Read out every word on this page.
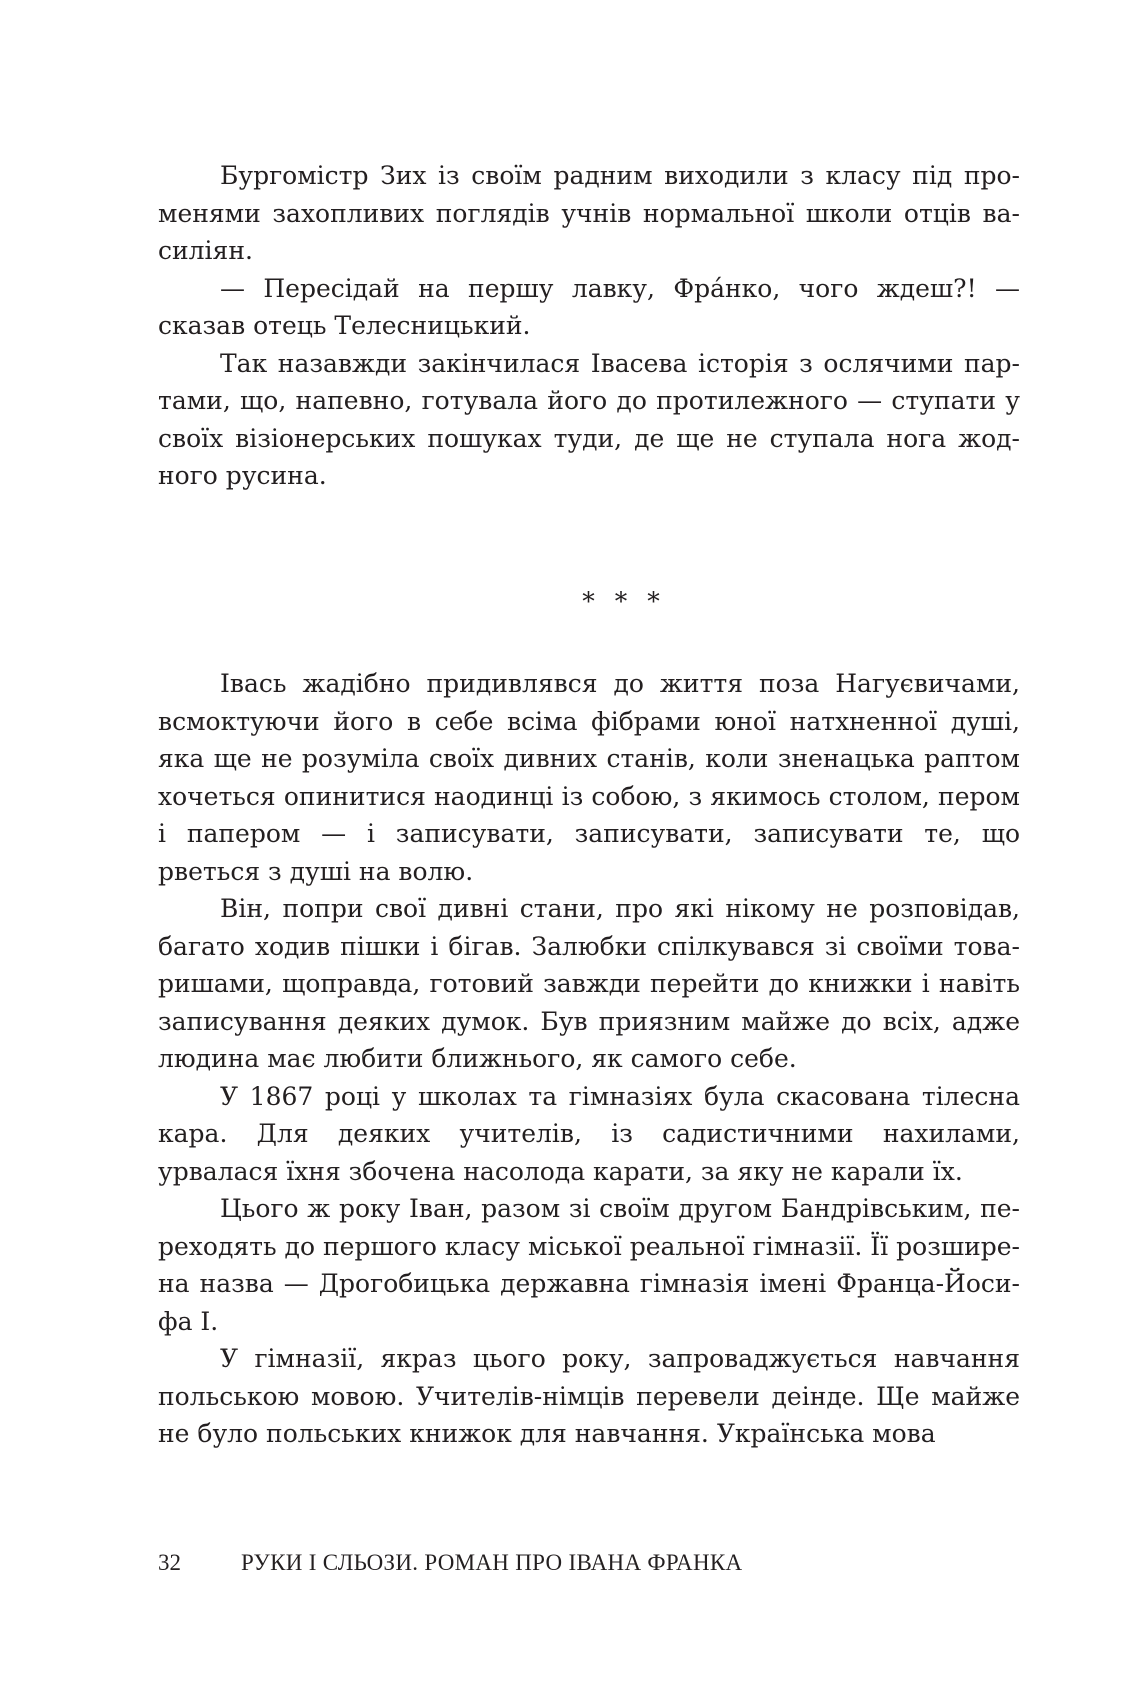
Бургомістр Зих із своїм радним виходили з класу під променями захопливих поглядів учнів нормальної школи отців василіян.

— Пересідай на першу лавку, Фра́нко, чого ждеш?! — сказав отець Телесницький.

Так назавжди закінчилася Івасева історія з ослячими партами, що, напевно, готувала його до протилежного — ступати у своїх візіонерських пошуках туди, де ще не ступала нога жодного русина.

* * *

Івась жадібно придивлявся до життя поза Нагуєвичами, всмоктуючи його в себе всіма фібрами юної натхненної душі, яка ще не розуміла своїх дивних станів, коли зненацька раптом хочеться опинитися наодинці із собою, з якимось столом, пером і папером — і записувати, записувати, записувати те, що рветься з душі на волю.

Він, попри свої дивні стани, про які нікому не розповідав, багато ходив пішки і бігав. Залюбки спілкувався зі своїми товаришами, щоправда, готовий завжди перейти до книжки і навіть записування деяких думок. Був приязним майже до всіх, адже людина має любити ближнього, як самого себе.

У 1867 році у школах та гімназіях була скасована тілесна кара. Для деяких учителів, із садистичними нахилами, урвалася їхня збочена насолода карати, за яку не карали їх.

Цього ж року Іван, разом зі своїм другом Бандрівським, переходять до першого класу міської реальної гімназії. Її розширена назва — Дрогобицька державна гімназія імені Франца-Йосифа І.

У гімназії, якраз цього року, запроваджується навчання польською мовою. Учителів-німців перевели деінде. Ще майже не було польських книжок для навчання. Українська мова

32	РУКИ І СЛЬОЗИ. РОМАН ПРО ІВАНА ФРАНКА
